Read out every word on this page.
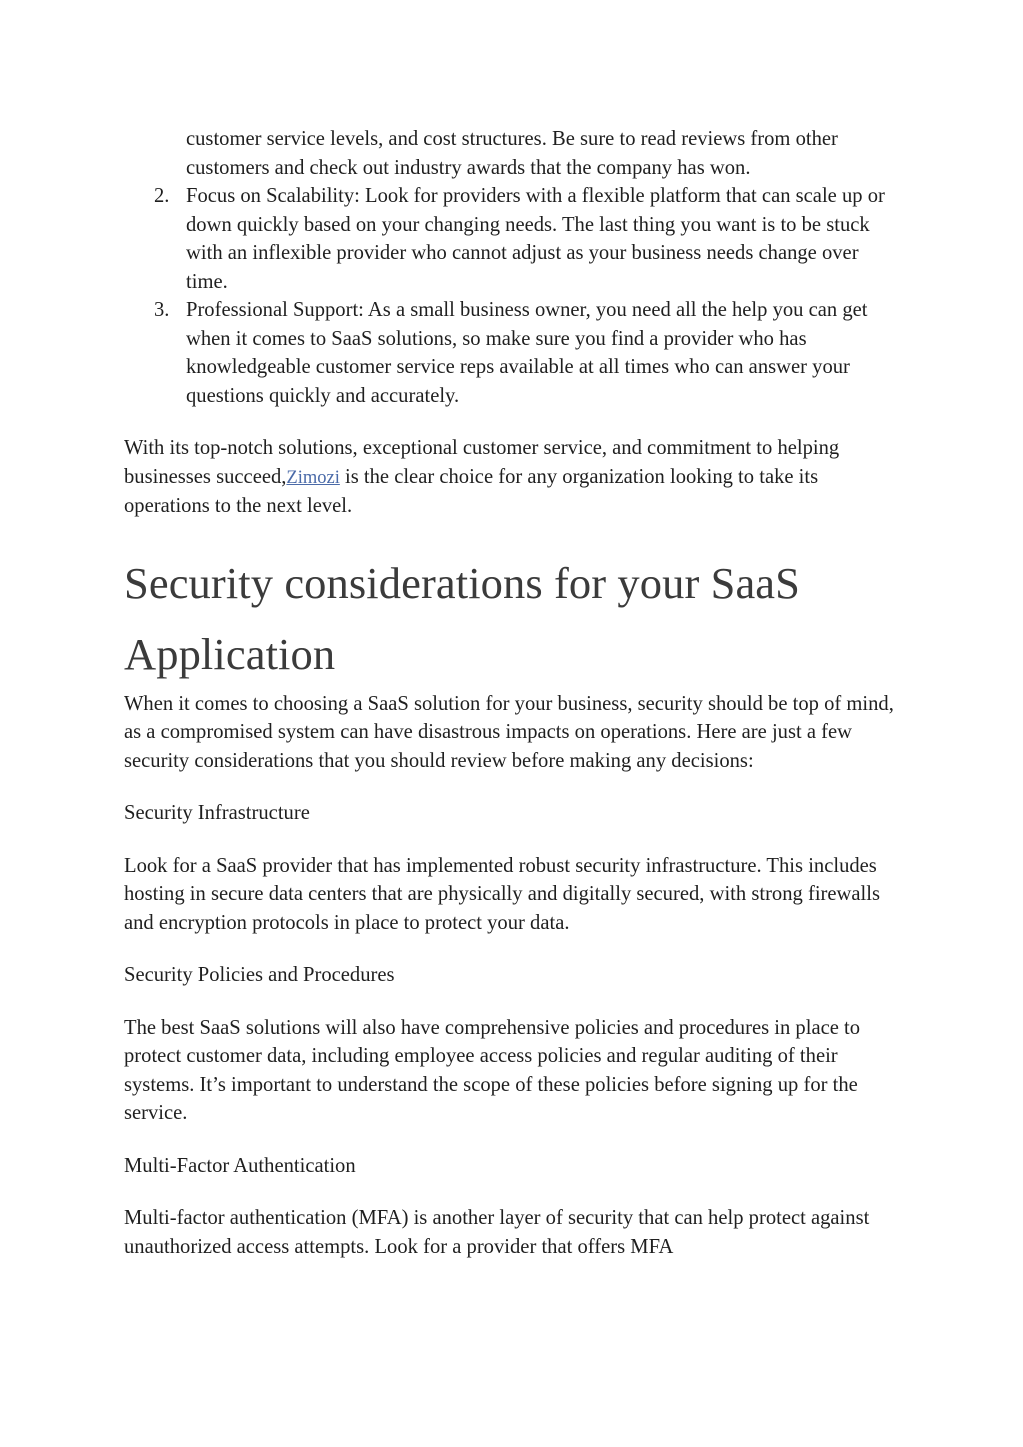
customer service levels, and cost structures. Be sure to read reviews from other customers and check out industry awards that the company has won.
2. Focus on Scalability: Look for providers with a flexible platform that can scale up or down quickly based on your changing needs. The last thing you want is to be stuck with an inflexible provider who cannot adjust as your business needs change over time.
3. Professional Support: As a small business owner, you need all the help you can get when it comes to SaaS solutions, so make sure you find a provider who has knowledgeable customer service reps available at all times who can answer your questions quickly and accurately.

With its top-notch solutions, exceptional customer service, and commitment to helping businesses succeed,Zimozi is the clear choice for any organization looking to take its operations to the next level.

Security considerations for your SaaS Application

When it comes to choosing a SaaS solution for your business, security should be top of mind, as a compromised system can have disastrous impacts on operations. Here are just a few security considerations that you should review before making any decisions:

Security Infrastructure

Look for a SaaS provider that has implemented robust security infrastructure. This includes hosting in secure data centers that are physically and digitally secured, with strong firewalls and encryption protocols in place to protect your data.

Security Policies and Procedures

The best SaaS solutions will also have comprehensive policies and procedures in place to protect customer data, including employee access policies and regular auditing of their systems. It’s important to understand the scope of these policies before signing up for the service.

Multi-Factor Authentication

Multi-factor authentication (MFA) is another layer of security that can help protect against unauthorized access attempts. Look for a provider that offers MFA
